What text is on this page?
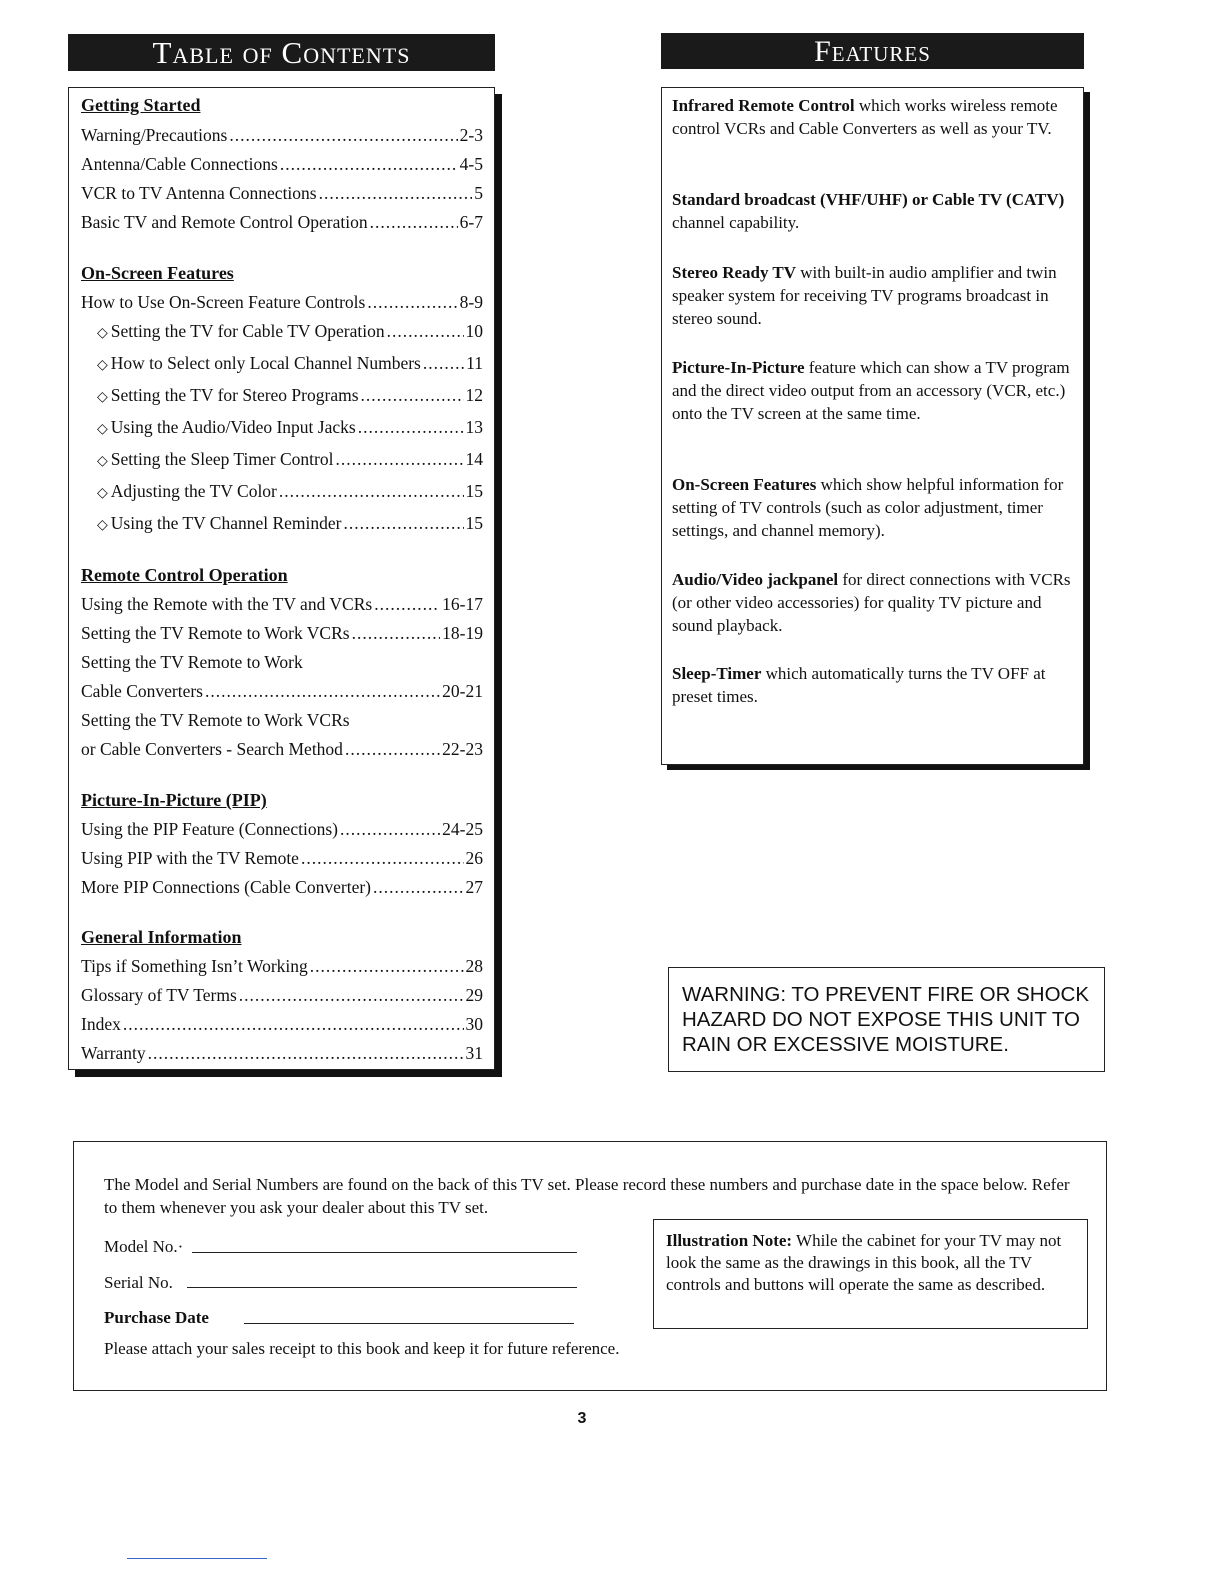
Table of Contents	Features
Getting Started
Warning/Precautions .....	2-3
Antenna/Cable Connections .....	4-5
VCR to TV Antenna Connections .....	5
Basic TV and Remote Control Operation .....	6-7
On-Screen Features
How to Use On-Screen Feature Controls .....	8-9
◇ Setting the TV for Cable TV Operation .....	10
◇ How to Select only Local Channel Numbers .....	11
◇ Setting the TV for Stereo Programs .....	12
◇ Using the Audio/Video Input Jacks .....	13
◇ Setting the Sleep Timer Control .....	14
◇ Adjusting the TV Color .....	15
◇ Using the TV Channel Reminder .....	15
Remote Control Operation
Using the Remote with the TV and VCRs .....	16-17
Setting the TV Remote to Work VCRs .....	18-19
Setting the TV Remote to Work
Cable Converters .....	20-21
Setting the TV Remote to Work VCRs
or Cable Converters - Search Method .....	22-23
Picture-In-Picture (PIP)
Using the PIP Feature (Connections) .....	24-25
Using PIP with the TV Remote .....	26
More PIP Connections (Cable Converter) .....	27
General Information
Tips if Something Isn’t Working .....	28
Glossary of TV Terms .....	29
Index .....	30
Warranty .....	31
Infrared Remote Control which works wireless remote control VCRs and Cable Converters as well as your TV.
Standard broadcast (VHF/UHF) or Cable TV (CATV) channel capability.
Stereo Ready TV with built-in audio amplifier and twin speaker system for receiving TV programs broadcast in stereo sound.
Picture-In-Picture feature which can show a TV program and the direct video output from an accessory (VCR, etc.) onto the TV screen at the same time.
On-Screen Features which show helpful information for setting of TV controls (such as color adjustment, timer settings, and channel memory).
Audio/Video jackpanel for direct connections with VCRs (or other video accessories) for quality TV picture and sound playback.
Sleep-Timer which automatically turns the TV OFF at preset times.
WARNING: TO PREVENT FIRE OR SHOCK HAZARD DO NOT EXPOSE THIS UNIT TO RAIN OR EXCESSIVE MOISTURE.
The Model and Serial Numbers are found on the back of this TV set. Please record these numbers and purchase date in the space below. Refer to them whenever you ask your dealer about this TV set.
Model No.·
Serial No.
Purchase Date
Illustration Note: While the cabinet for your TV may not look the same as the drawings in this book, all the TV controls and buttons will operate the same as described.
Please attach your sales receipt to this book and keep it for future reference.
3
